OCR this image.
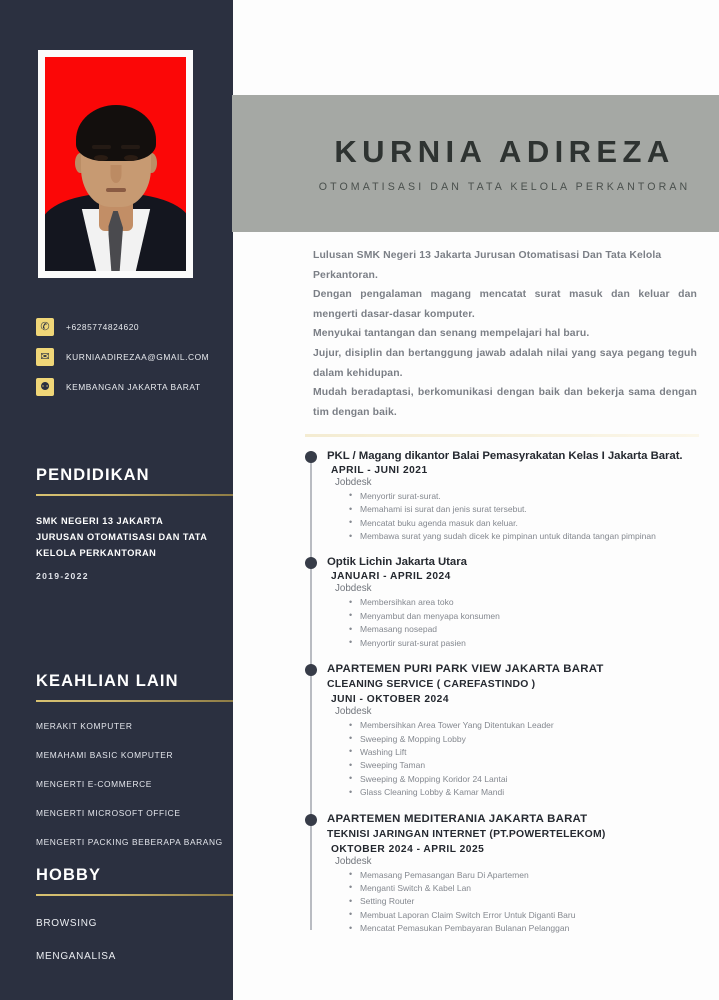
✆	+6285774824620
✉	KURNIAADIREZAA@GMAIL.COM
⚉	KEMBANGAN JAKARTA BARAT
PENDIDIKAN
SMK NEGERI 13 JAKARTA
JURUSAN OTOMATISASI DAN TATA
KELOLA PERKANTORAN
2019-2022
KEAHLIAN LAIN
MERAKIT KOMPUTER
MEMAHAMI BASIC KOMPUTER
MENGERTI E-COMMERCE
MENGERTI MICROSOFT OFFICE
MENGERTI PACKING BEBERAPA BARANG
HOBBY
BROWSING
MENGANALISA
KURNIA ADIREZA
OTOMATISASI DAN TATA KELOLA PERKANTORAN

Lulusan SMK Negeri 13 Jakarta Jurusan Otomatisasi Dan Tata Kelola Perkantoran.

Dengan pengalaman magang mencatat surat masuk dan keluar dan mengerti dasar-dasar komputer.

Menyukai tantangan dan senang mempelajari hal baru.

Jujur, disiplin dan bertanggung jawab adalah nilai yang saya pegang teguh dalam kehidupan.

Mudah beradaptasi, berkomunikasi dengan baik dan bekerja sama dengan tim dengan baik.

PKL / Magang dikantor Balai Pemasyrakatan Kelas I Jakarta Barat.
APRIL - JUNI 2021
Jobdesk
• Menyortir surat-surat.
• Memahami isi surat dan jenis surat tersebut.
• Mencatat buku agenda masuk dan keluar.
• Membawa surat yang sudah dicek ke pimpinan untuk ditanda tangan pimpinan
Optik Lichin Jakarta Utara
JANUARI - APRIL 2024
Jobdesk
• Membersihkan area toko
• Menyambut dan menyapa konsumen
• Memasang nosepad
• Menyortir surat-surat pasien
APARTEMEN PURI PARK VIEW JAKARTA BARAT
CLEANING SERVICE ( CAREFASTINDO )
JUNI - OKTOBER 2024
Jobdesk
• Membersihkan Area Tower Yang Ditentukan Leader
• Sweeping & Mopping Lobby
• Washing Lift
• Sweeping Taman
• Sweeping & Mopping Koridor 24 Lantai
• Glass Cleaning Lobby & Kamar Mandi
APARTEMEN MEDITERANIA JAKARTA BARAT
TEKNISI JARINGAN INTERNET (PT.POWERTELEKOM)
OKTOBER 2024 - APRIL 2025
Jobdesk
• Memasang Pemasangan Baru Di Apartemen
• Menganti Switch & Kabel Lan
• Setting Router
• Membuat Laporan Claim Switch Error Untuk Diganti Baru
• Mencatat Pemasukan Pembayaran Bulanan Pelanggan
